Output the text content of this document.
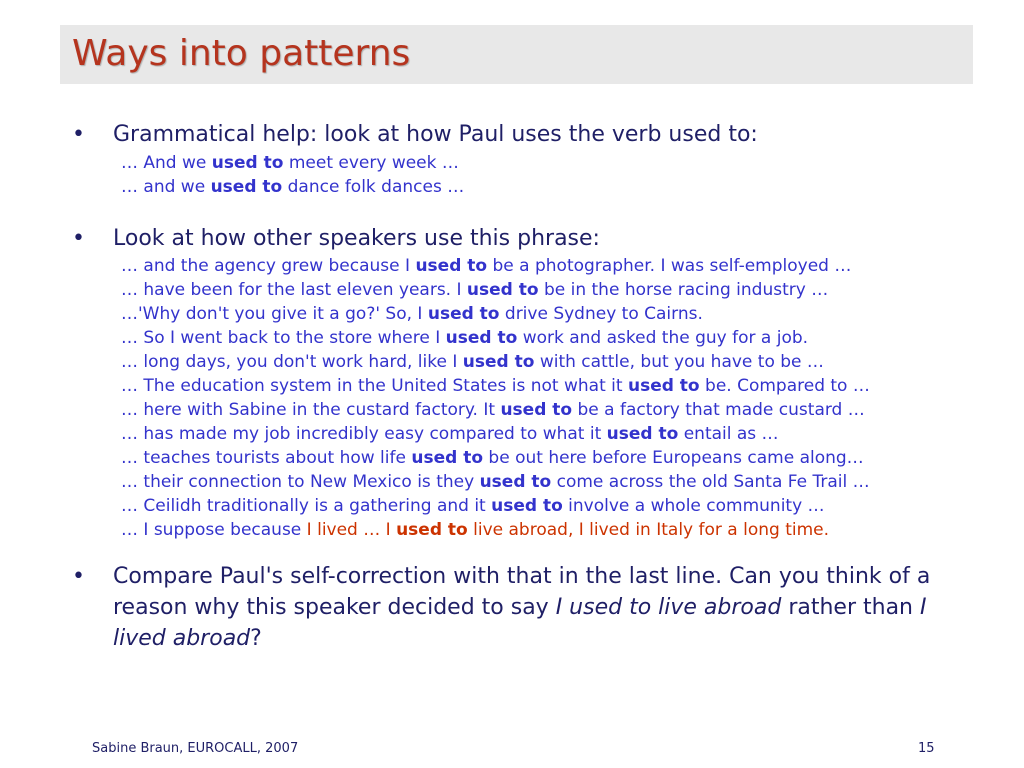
Ways into patterns
•	Grammatical help: look at how Paul uses the verb used to:
… And we used to meet every week …
… and we used to dance folk dances …
•	Look at how other speakers use this phrase:
… and the agency grew because I used to be a photographer. I was self-employed …
… have been for the last eleven years. I used to be in the horse racing industry …
…'Why don't you give it a go?' So, I used to drive Sydney to Cairns.
… So I went back to the store where I used to work and asked the guy for a job.
… long days, you don't work hard, like I used to with cattle, but you have to be …
… The education system in the United States is not what it used to be. Compared to …
… here with Sabine in the custard factory. It used to be a factory that made custard …
… has made my job incredibly easy compared to what it used to entail as …
… teaches tourists about how life used to be out here before Europeans came along…
… their connection to New Mexico is they used to come across the old Santa Fe Trail …
… Ceilidh traditionally is a gathering and it used to involve a whole community …
… I suppose because I lived … I used to live abroad, I lived in Italy for a long time.
• Compare Paul's self-correction with that in the last line. Can you think of a reason why this speaker decided to say I used to live abroad rather than I lived abroad?
Sabine Braun, EUROCALL, 2007	15
